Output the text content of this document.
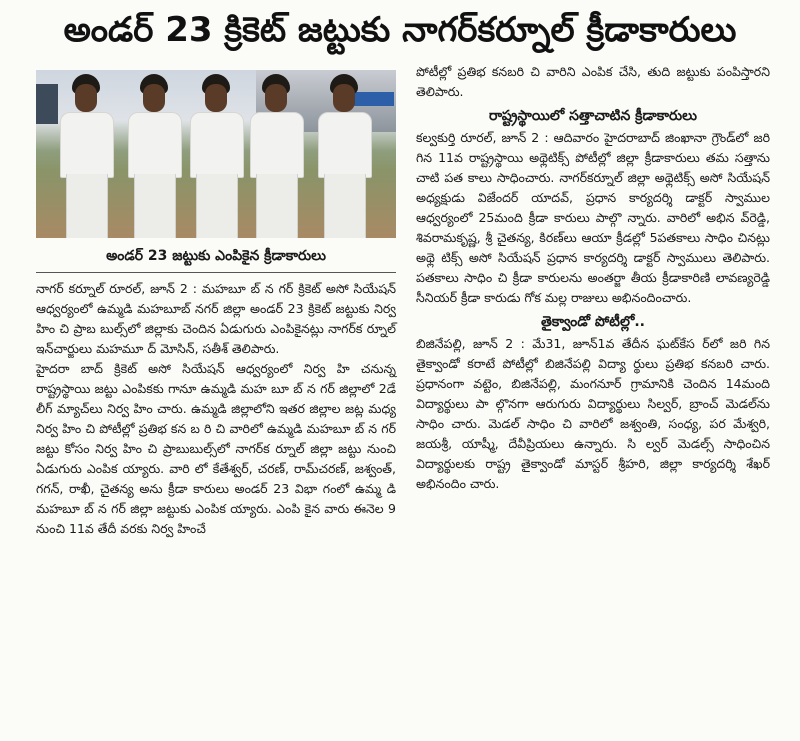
అండర్ 23 క్రికెట్ జట్టుకు నాగర్‌కర్నూల్ క్రీడాకారులు
అండర్ 23 జట్టుకు ఎంపికైన క్రీడాకారులు

నాగర్ కర్నూల్ రూరల్, జూన్ 2 : మహబూ బ్ న గర్ క్రికెట్ అసో సియేషన్ ఆధ్వర్యంలో ఉమ్మడి మహబూబ్ నగర్ జిల్లా అండర్ 23 క్రికెట్ జట్టుకు నిర్వ హిం చి ప్రాబ బుల్స్‌లో జిల్లాకు చెందిన ఏడుగురు ఎంపికైనట్లు నాగర్‌క ర్నూల్ ఇన్‌చార్జులు మహమూ ద్ మోసిన్, సతీశ్ తెలిపారు.

హైదరా బాద్ క్రికెట్ అసో సియేషన్ ఆధ్వర్యంలో నిర్వ హి చనున్న రాష్ట్రస్థాయి జట్టు ఎంపికకు గానూ ఉమ్మడి మహ బూ బ్ న గర్ జిల్లాలో 2డే లీగ్ మ్యాచ్‌లు నిర్వ హిం చారు. ఉమ్మడి జిల్లాలోని ఇతర జిల్లాల జట్ల మధ్య నిర్వ హిం చి పోటీల్లో ప్రతిభ కన బ రి చి వారిలో ఉమ్మడి మహబూ బ్ న గర్ జట్టు కోసం నిర్వ హిం చి ప్రాబుబుల్స్‌లో నాగర్‌క ర్నూల్ జిల్లా జట్టు నుంచి ఏడుగురు ఎంపిక య్యారు. వారి లో కేతేశ్వర్, చరణ్, రామ్‌చరణ్, జశ్వంత్, గగన్, రాఖీ, చైతన్య అను క్రీడా కారులు అండర్ 23 విభా గంలో ఉమ్మ డి మహబూ బ్ న గర్ జిల్లా జట్టుకు ఎంపిక య్యారు. ఎంపి కైన వారు ఈనెల 9 నుంచి 11వ తేదీ వరకు నిర్వ హించే

పోటీల్లో ప్రతిభ కనబరి చి వారిని ఎంపిక చేసి, తుది జట్టుకు పంపిస్తారని తెలిపారు.

రాష్ట్రస్థాయిలో సత్తాచాటిన క్రీడాకారులు

కల్వకుర్తి రూరల్, జూన్ 2 : ఆదివారం హైదరాబాద్ జింఖానా గ్రౌండ్‌లో జరి గిన 11వ రాష్ట్రస్థాయి అథ్లెటిక్స్ పోటీల్లో జిల్లా క్రీడాకారులు తమ సత్తాను చాటి పత కాలు సాధించారు. నాగర్‌కర్నూల్ జిల్లా అథ్లెటిక్స్ అసో సియేషన్ అధ్యక్షుడు విజేందర్ యాదవ్, ప్రధాన కార్యదర్శి డాక్టర్ స్వాముల ఆధ్వర్యంలో 25మంది క్రీడా కారులు పాల్గొ న్నారు. వారిలో అభిన వ్‌రెడ్డి, శివరామకృష్ణ, శ్రీ చైతన్య, కిరణ్‌లు ఆయా క్రీడల్లో 5పతకాలు సాధిం చినట్లు అథ్లె టిక్స్ అసో సియేషన్ ప్రధాన కార్యదర్శి డాక్టర్ స్వాములు తెలిపారు. పతకాలు సాధిం చి క్రీడా కారులను అంతర్జా తీయ క్రీడాకారిణి లావణ్యరెడ్డి సీనియర్ క్రీడా కారుడు గోక మల్ల రాజులు అభినందించారు.

తైక్వాండో పోటీల్లో..

బిజినేపల్లి, జూన్ 2 : మే31, జూన్1వ తేదీన ఘట్‌కేస ర్‌లో జరి గిన తైక్వాండో కరాటే పోటీల్లో బిజినేపల్లి విద్యా ర్థులు ప్రతిభ కనబరి చారు. ప్రధానంగా వట్టెం, బిజినేపల్లి, మంగనూర్ గ్రామానికి చెందిన 14మంది విద్యార్థులు పా ల్గొనగా ఆరుగురు విద్యార్థులు సిల్వర్, బ్రాంచ్ మెడల్‌ను సాధిం చారు. మెడల్ సాధిం చి వారిలో జశ్వంతి, సంధ్య, పర మేశ్వరి, జయశ్రీ, యాష్మీ, దేవీప్రియలు ఉన్నారు. సి ల్వర్ మెడల్స్ సాధించిన విద్యార్థులకు రాష్ట్ర తైక్వాండో మాస్టర్ శ్రీహరి, జిల్లా కార్యదర్శి శేఖర్ అభినందిం చారు.
